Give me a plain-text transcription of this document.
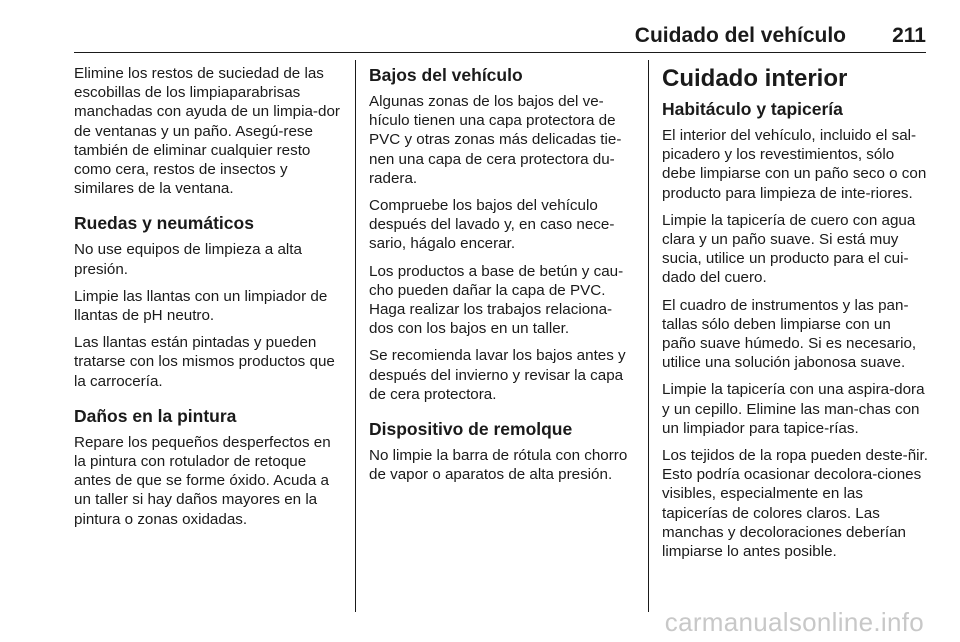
Cuidado del vehículo 211

Elimine los restos de suciedad de las escobillas de los limpiaparabrisas manchadas con ayuda de un limpia-dor de ventanas y un paño. Asegú-rese también de eliminar cualquier resto como cera, restos de insectos y similares de la ventana.

Ruedas y neumáticos

No use equipos de limpieza a alta presión.

Limpie las llantas con un limpiador de llantas de pH neutro.

Las llantas están pintadas y pueden tratarse con los mismos productos que la carrocería.

Daños en la pintura

Repare los pequeños desperfectos en la pintura con rotulador de retoque antes de que se forme óxido. Acuda a un taller si hay daños mayores en la pintura o zonas oxidadas.

Bajos del vehículo

Algunas zonas de los bajos del ve-hículo tienen una capa protectora de PVC y otras zonas más delicadas tie-nen una capa de cera protectora du-radera.

Compruebe los bajos del vehículo después del lavado y, en caso nece-sario, hágalo encerar.

Los productos a base de betún y cau-cho pueden dañar la capa de PVC. Haga realizar los trabajos relaciona-dos con los bajos en un taller.

Se recomienda lavar los bajos antes y después del invierno y revisar la capa de cera protectora.

Dispositivo de remolque

No limpie la barra de rótula con chorro de vapor o aparatos de alta presión.

Cuidado interior
Habitáculo y tapicería

El interior del vehículo, incluido el sal-picadero y los revestimientos, sólo debe limpiarse con un paño seco o con producto para limpieza de inte-riores.

Limpie la tapicería de cuero con agua clara y un paño suave. Si está muy sucia, utilice un producto para el cui-dado del cuero.

El cuadro de instrumentos y las pan-tallas sólo deben limpiarse con un paño suave húmedo. Si es necesario, utilice una solución jabonosa suave.

Limpie la tapicería con una aspira-dora y un cepillo. Elimine las man-chas con un limpiador para tapice-rías.

Los tejidos de la ropa pueden deste-ñir. Esto podría ocasionar decolora-ciones visibles, especialmente en las tapicerías de colores claros. Las manchas y decoloraciones deberían limpiarse lo antes posible.

carmanualsonline.info
